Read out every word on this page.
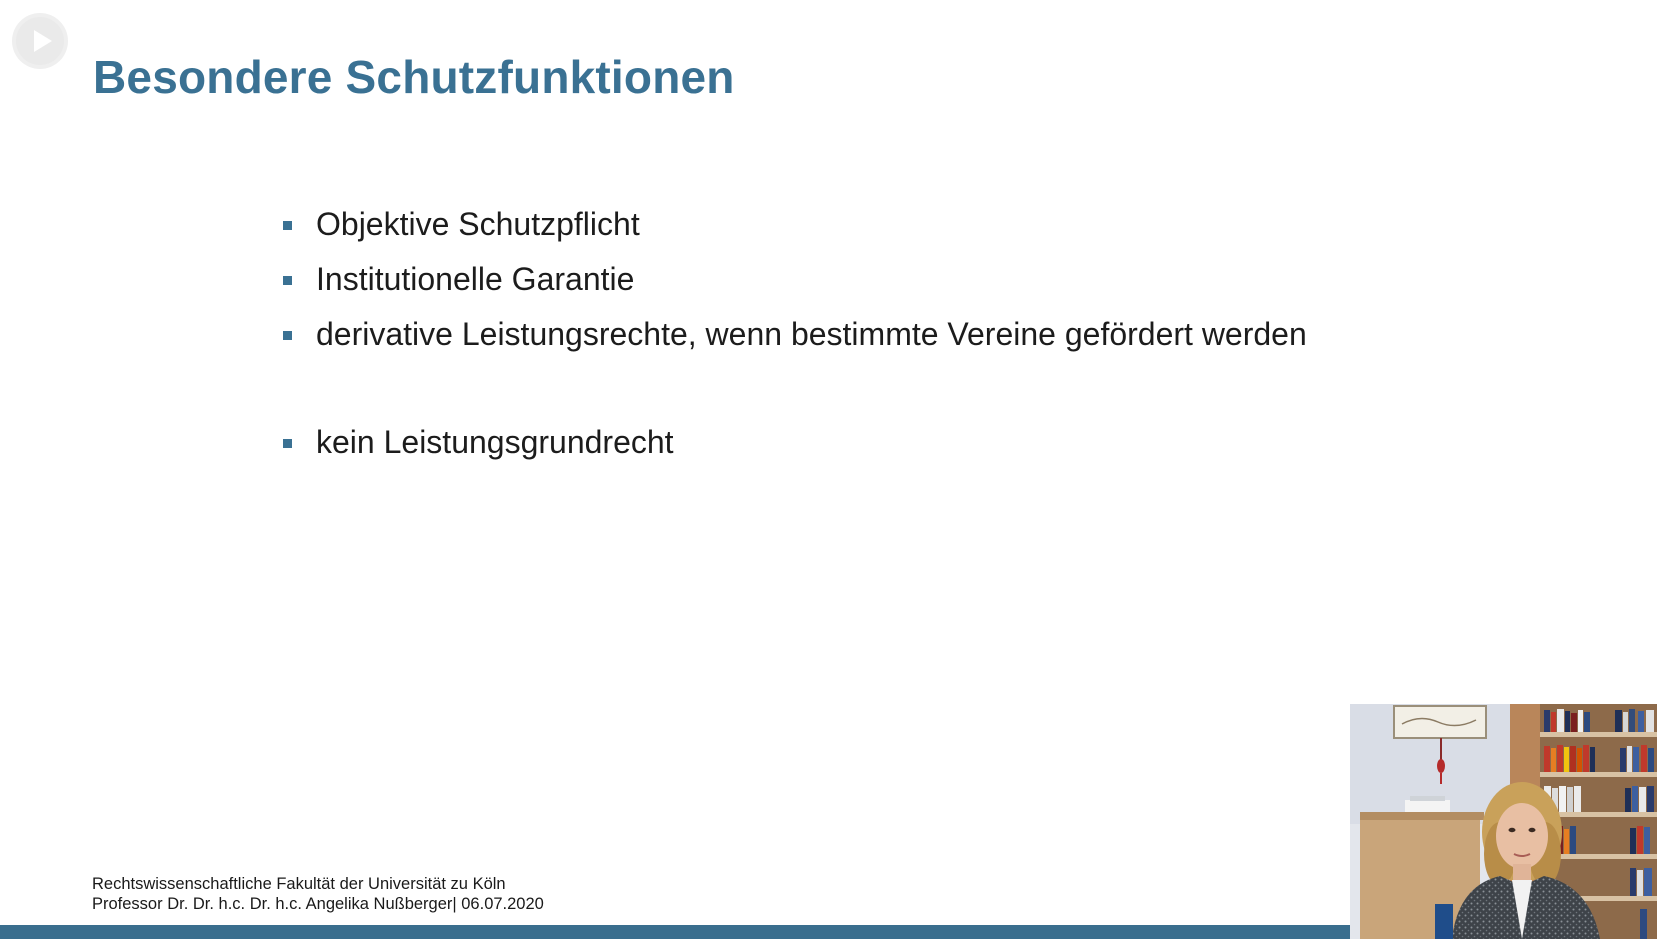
Besondere Schutzfunktionen
Objektive Schutzpflicht
Institutionelle Garantie
derivative Leistungsrechte, wenn bestimmte Vereine gefördert werden
kein Leistungsgrundrecht
Rechtswissenschaftliche Fakultät der Universität zu Köln
Professor Dr. Dr. h.c. Dr. h.c. Angelika Nußberger| 06.07.2020
